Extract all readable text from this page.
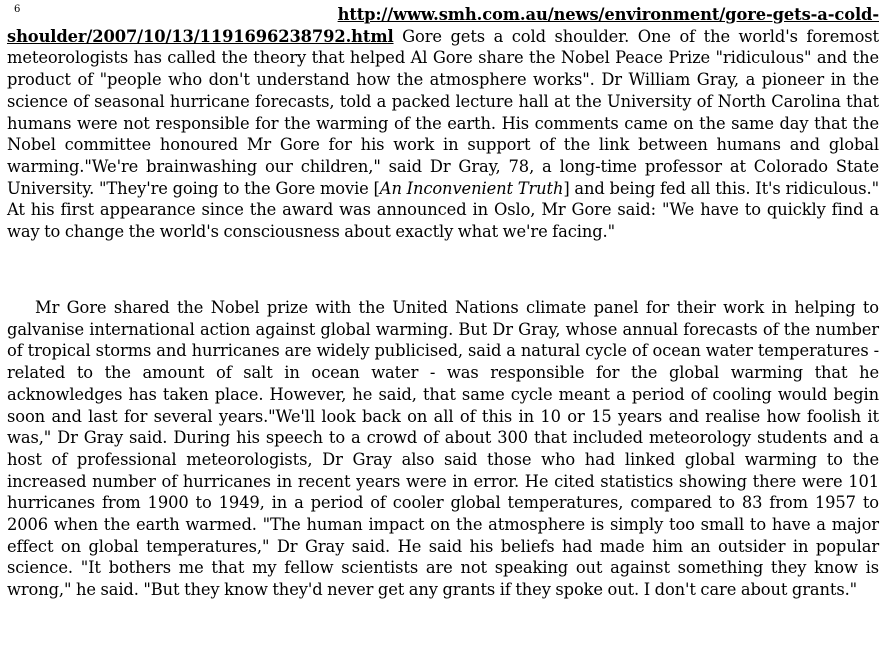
6	http://www.smh.com.au/news/environment/gore-gets-a-cold-
shoulder/2007/10/13/1191696238792.html Gore gets a cold shoulder. One of the world's foremost meteorologists has called the theory that helped Al Gore share the Nobel Peace Prize "ridiculous" and the product of "people who don't understand how the atmosphere works". Dr William Gray, a pioneer in the science of seasonal hurricane forecasts, told a packed lecture hall at the University of North Carolina that humans were not responsible for the warming of the earth. His comments came on the same day that the Nobel committee honoured Mr Gore for his work in support of the link between humans and global warming."We're brainwashing our children," said Dr Gray, 78, a long-time professor at Colorado State University. "They're going to the Gore movie [An Inconvenient Truth] and being fed all this. It's ridiculous." At his first appearance since the award was announced in Oslo, Mr Gore said: "We have to quickly find a way to change the world's consciousness about exactly what we're facing."

Mr Gore shared the Nobel prize with the United Nations climate panel for their work in helping to galvanise international action against global warming. But Dr Gray, whose annual forecasts of the number of tropical storms and hurricanes are widely publicised, said a natural cycle of ocean water temperatures - related to the amount of salt in ocean water - was responsible for the global warming that he acknowledges has taken place. However, he said, that same cycle meant a period of cooling would begin soon and last for several years."We'll look back on all of this in 10 or 15 years and realise how foolish it was," Dr Gray said. During his speech to a crowd of about 300 that included meteorology students and a host of professional meteorologists, Dr Gray also said those who had linked global warming to the increased number of hurricanes in recent years were in error. He cited statistics showing there were 101 hurricanes from 1900 to 1949, in a period of cooler global temperatures, compared to 83 from 1957 to 2006 when the earth warmed. "The human impact on the atmosphere is simply too small to have a major effect on global temperatures," Dr Gray said. He said his beliefs had made him an outsider in popular science. "It bothers me that my fellow scientists are not speaking out against something they know is wrong," he said. "But they know they'd never get any grants if they spoke out. I don't care about grants."
